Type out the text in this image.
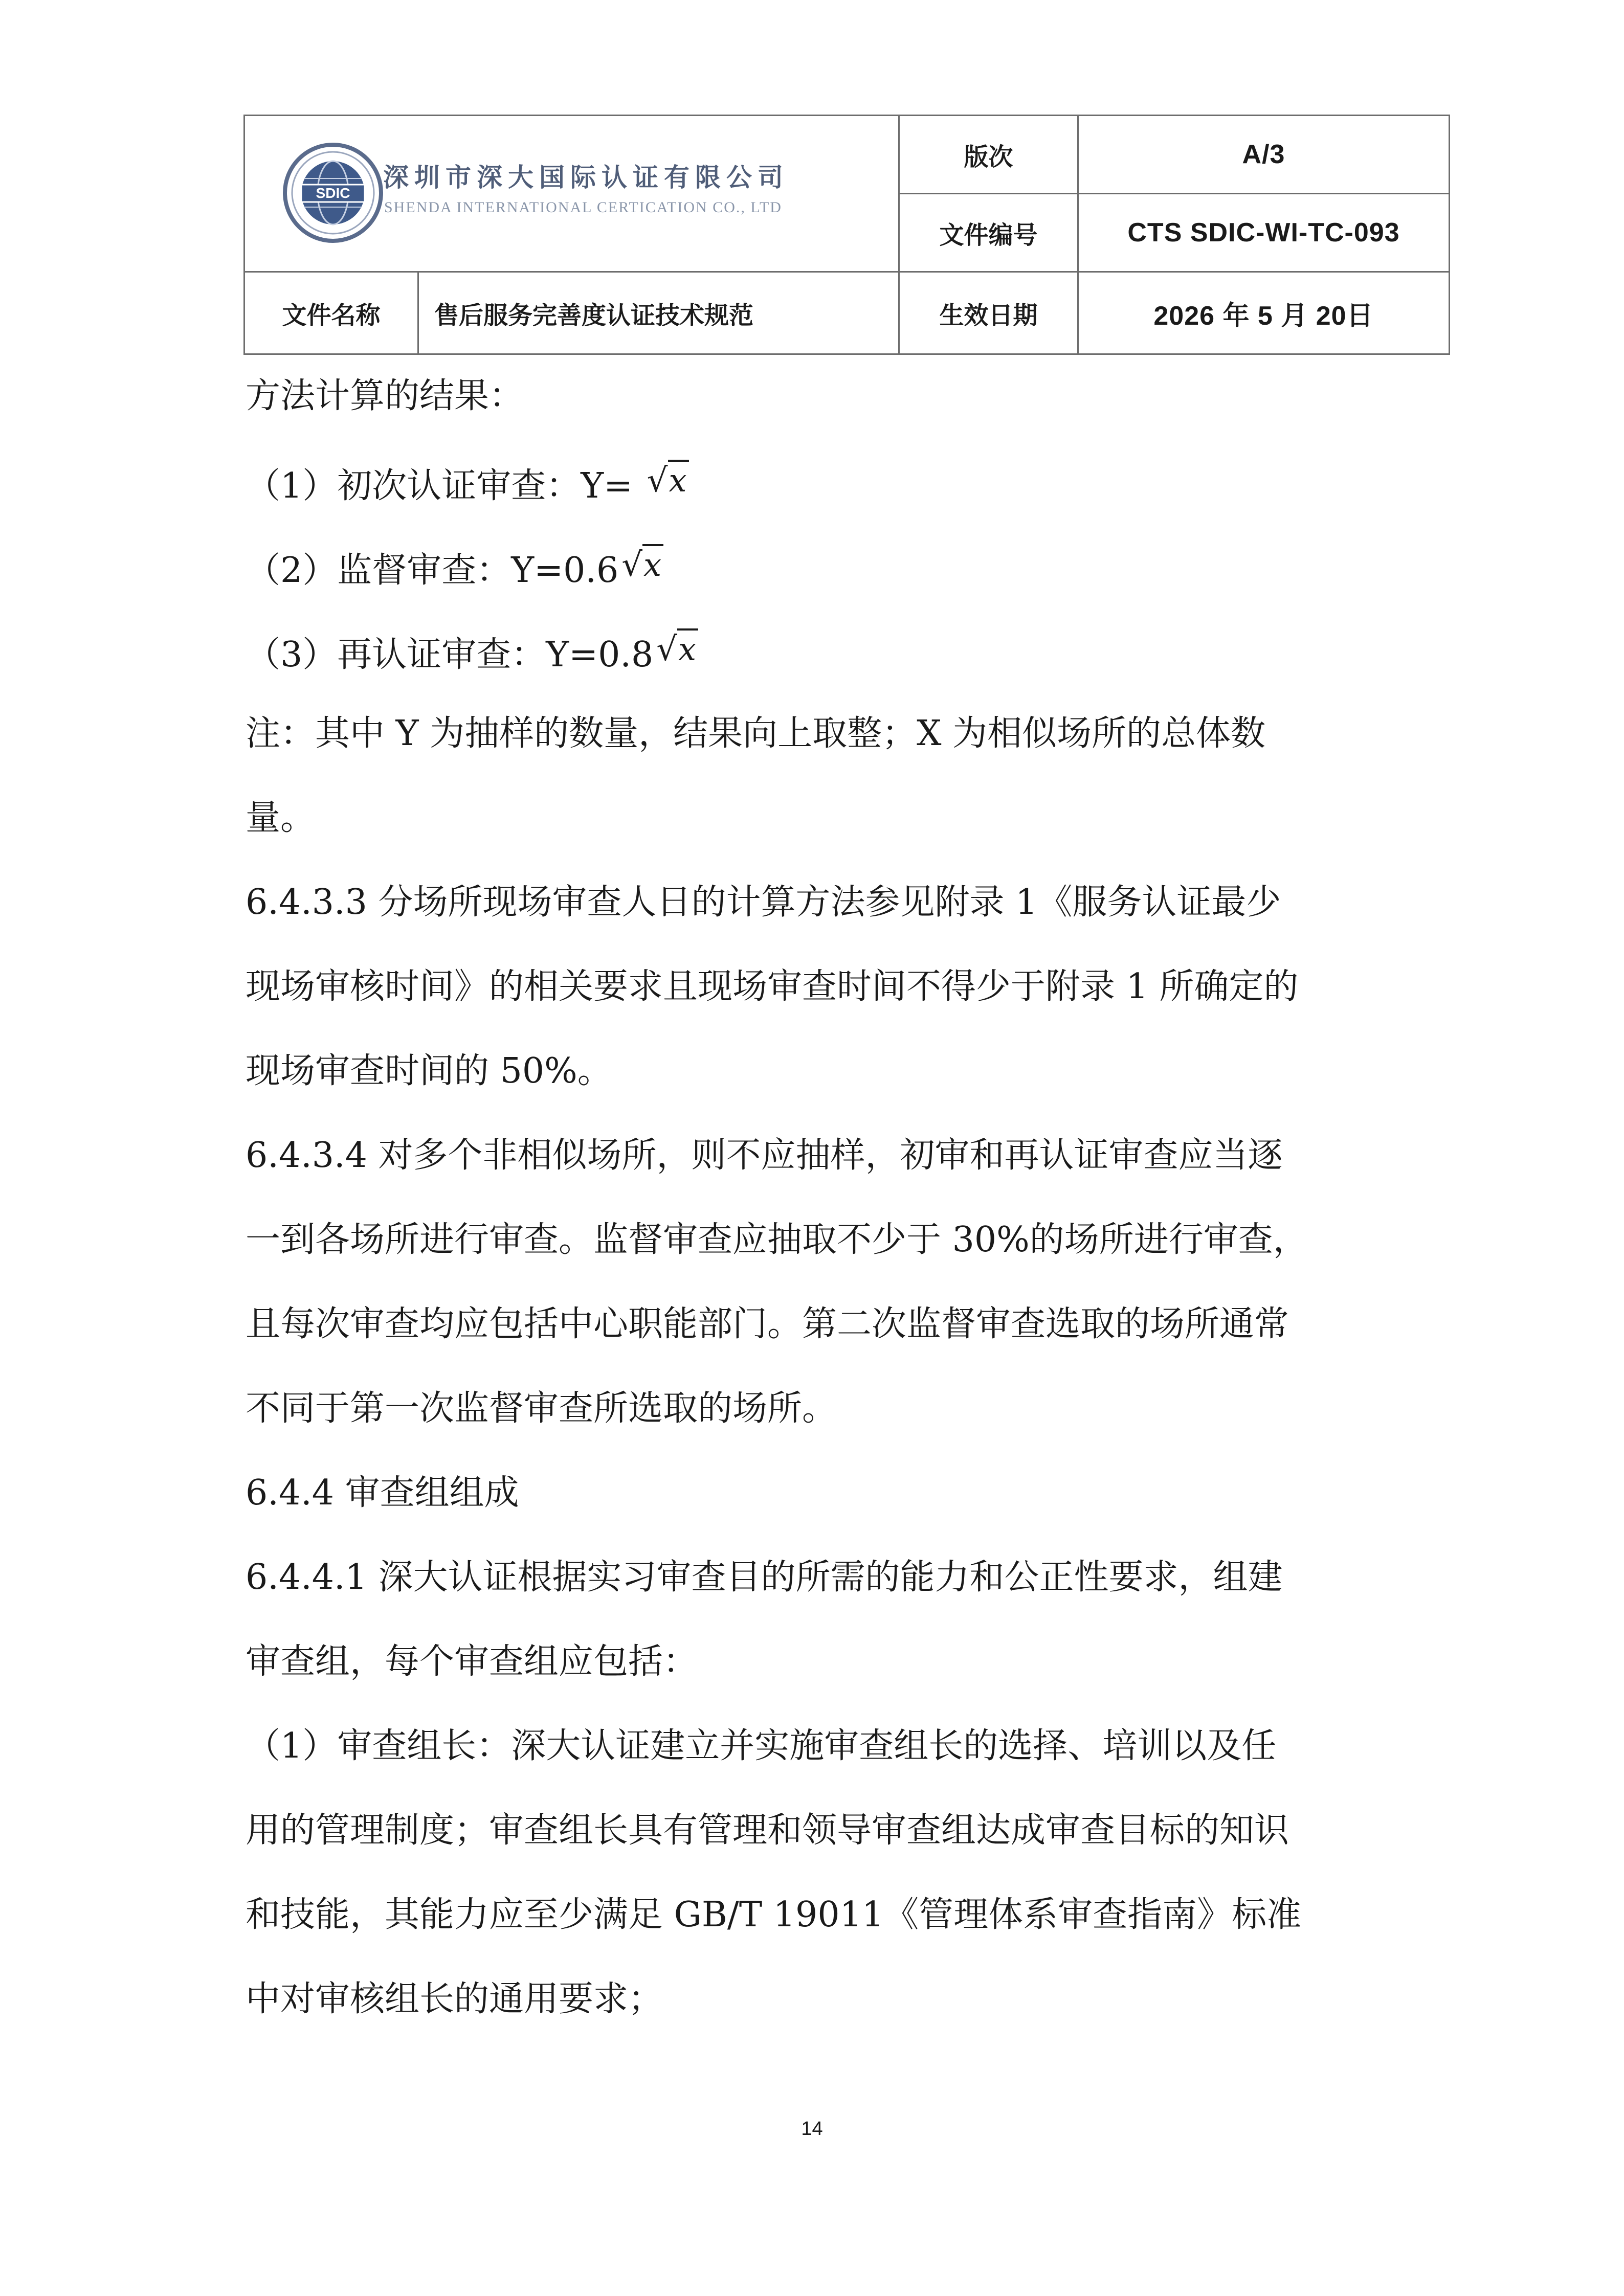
SDIC
深圳市深大国际认证有限公司
SHENDA INTERNATIONAL CERTICATION CO., LTD		版次	A/3
		文件编号	CTS SDIC-WI-TC-093
文件名称	售后服务完善度认证技术规范	生效日期	2026 年 5 月 20日
方法计算的结果：
（1）初次认证审查：Y= √x
（2）监督审查：Y=0.6√x
（3）再认证审查：Y=0.8√x
注：其中 Y 为抽样的数量，结果向上取整；X 为相似场所的总体数
量。
6.4.3.3 分场所现场审查人日的计算方法参见附录 1《服务认证最少
现场审核时间》的相关要求且现场审查时间不得少于附录 1 所确定的
现场审查时间的 50%。
6.4.3.4 对多个非相似场所，则不应抽样，初审和再认证审查应当逐
一到各场所进行审查。监督审查应抽取不少于 30%的场所进行审查，
且每次审查均应包括中心职能部门。第二次监督审查选取的场所通常
不同于第一次监督审查所选取的场所。
6.4.4 审查组组成
6.4.4.1 深大认证根据实习审查目的所需的能力和公正性要求，组建
审查组，每个审查组应包括：
（1）审查组长：深大认证建立并实施审查组长的选择、培训以及任
用的管理制度；审查组长具有管理和领导审查组达成审查目标的知识
和技能，其能力应至少满足 GB/T 19011《管理体系审查指南》标准
中对审核组长的通用要求；
14
